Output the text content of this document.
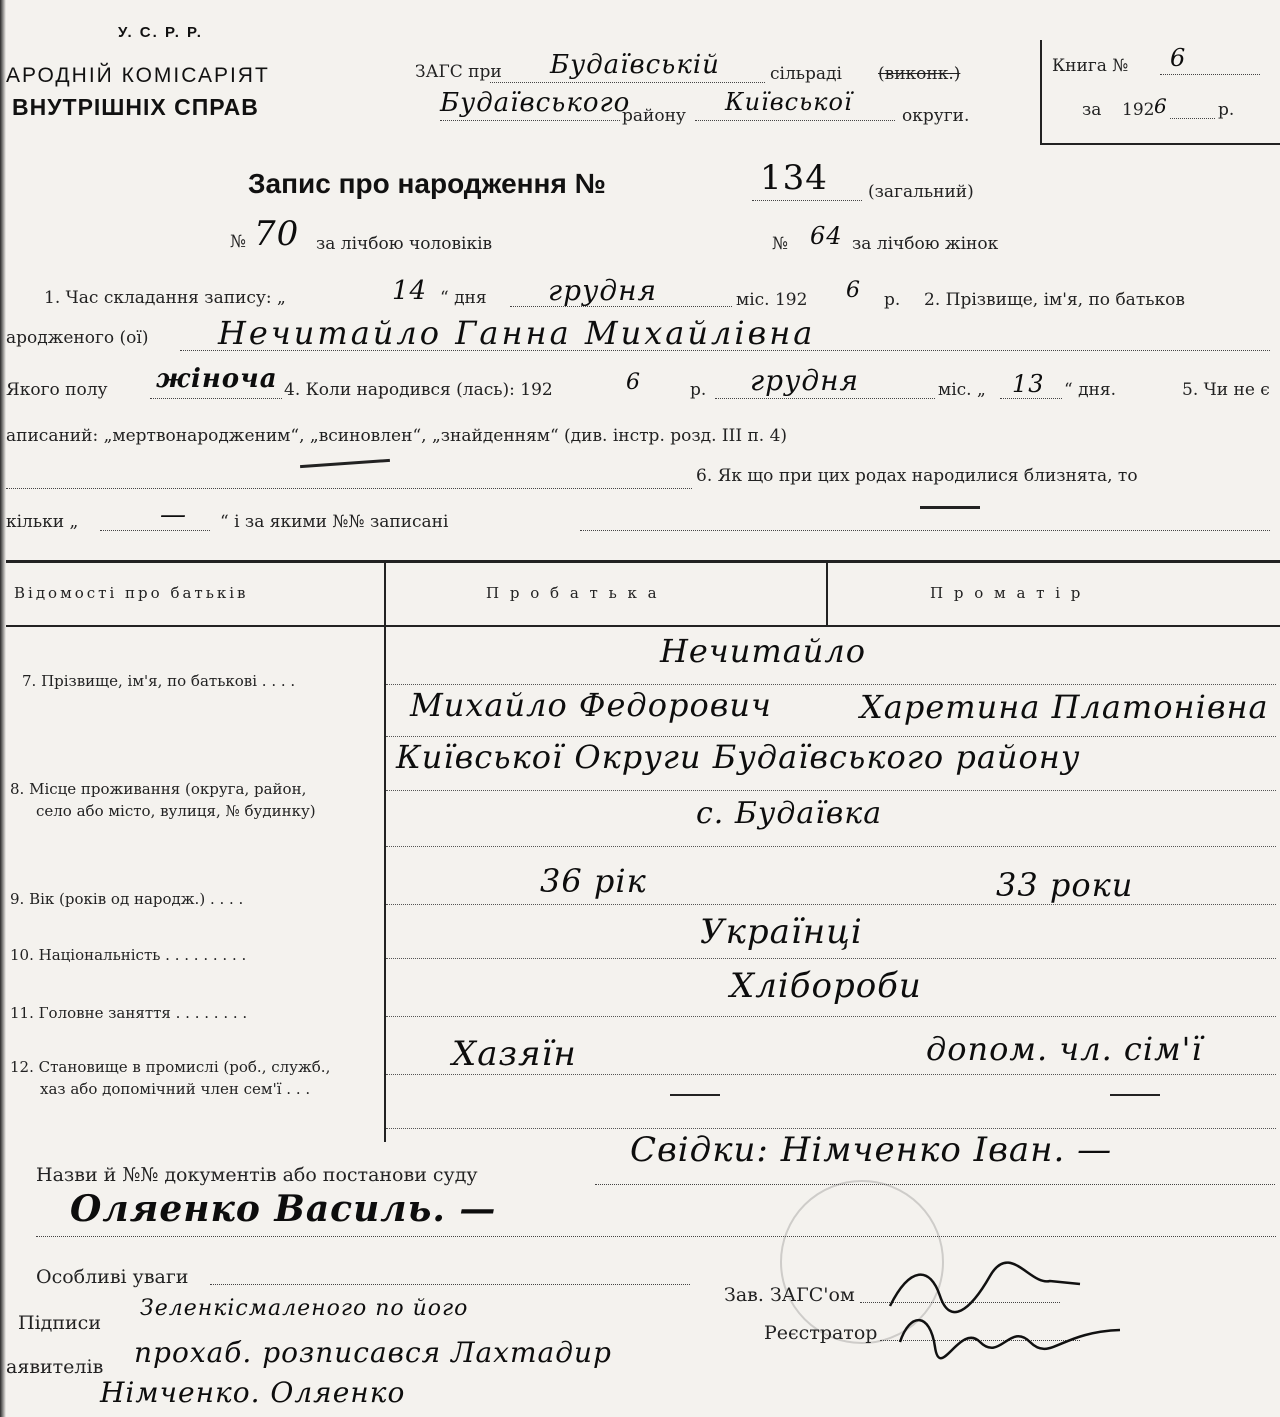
У. С. Р. Р.
АРОДНІЙ КОМІСАРІЯТ
ВНУТРІШНІХ СПРАВ
ЗАГС при Будаївській	сільраді (виконк.)
Будаївського
району Київської	округи.
Книга № 6
за 192 6	р.
Запис про народження №	134 (загальний)
№ 70 за лічбою чоловіків	№ 64 за лічбою жінок
1. Час складання запису: „	14 “ дня грудня	міс. 192 6 р. 2. Прізвище, ім'я, по батьков
ародженого (ої) Нечитайло Ганна Михайлівна
Якого полу жіноча 4. Коли народився (лась): 192	6	р. грудня	міс. „ 13 “ дня.	5. Чи не є
аписаний: „мертвонародженим“, „всиновлен“, „знайденням“ (див. інстр. розд. III п. 4)
6. Як що при цих родах народилися близнята, то
кільки „	— “ і за якими №№ записані
Відомості про батьків	П р о б а т ь к а	П р о м а т і р
7. Прізвище, ім'я, по батькові . . . .
Нечитайло
Михайло Федорович	Харетина Платонівна
8. Місце проживання (округа, район,
село або місто, вулиця, № будинку)
Київської Округи Будаївського району
с. Будаївка
9. Вік (років од народж.) . . . .	36 рік	33 роки
10. Національність . . . . . . . . .
Українці
11. Головне заняття . . . . . . . .
Хлібороби
12. Становище в промислі (роб., служб.,
хаз або допомічний член сем'ї . . .
Хазяїн	допом. чл. сім'ї
Назви й №№ документів або постанови суду
Свідки: Німченко Іван. —
Оляенко Василь. —
Особливі уваги
Зав. ЗАГС'ом
Підписи
Зеленкісмаленого по його
Реєстратор
аявителів прохаб. розписався Лахтадир
Німченко. Оляенко
